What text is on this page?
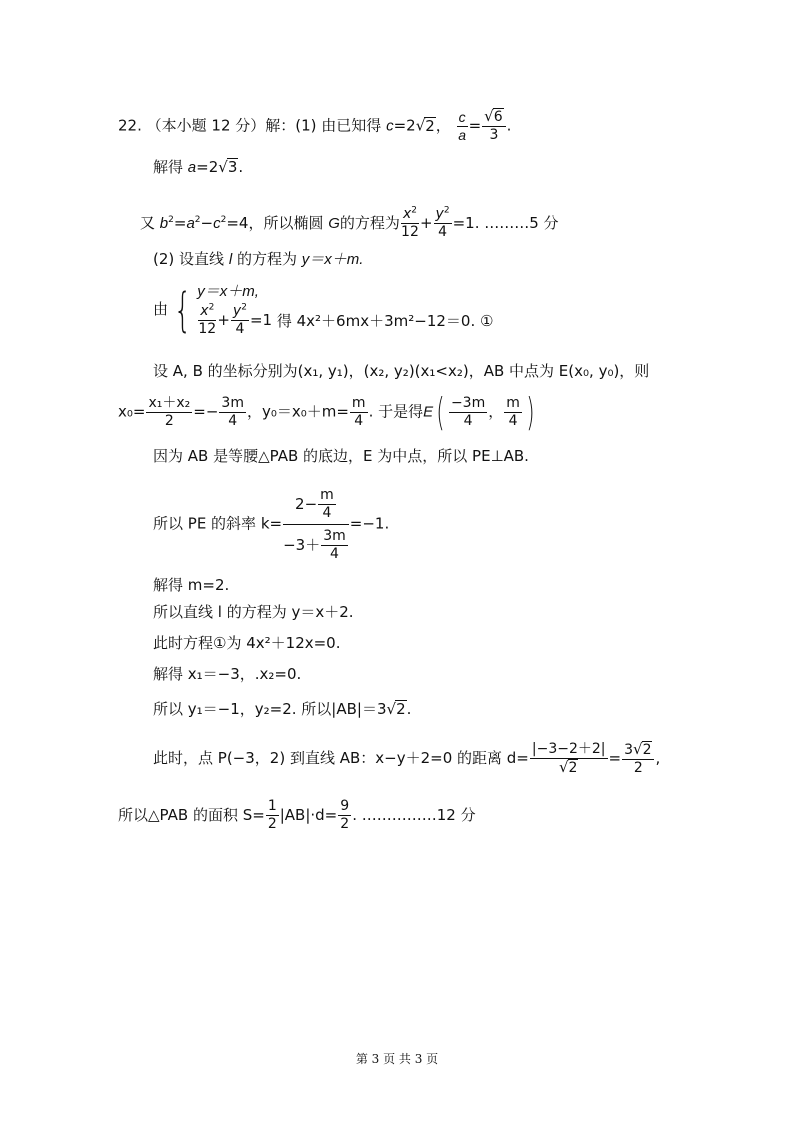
22. （本小题 12 分）解：(1) 由已知得 c=2√2， $\frac{c}{a} = \frac{√6}{3}$ .
解得 a=2√3.
又 $b^2=a^2-c^2=4$，所以椭圆 G的方程为 $\frac{x^2}{12} + \frac{y^2}{4} =1$. ………5 分
(2) 设直线 l 的方程为 y＝x＋m.
由 { y＝x＋m,
$\frac{x^2}{12} + \frac{y^2}{4} =1$ 得 4x²＋6mx＋3m²−12＝0. ①
设 A, B 的坐标分别为(x₁, y₁)，(x₂, y₂)(x₁<x₂)，AB 中点为 E(x₀, y₀)，则
$x_0= \frac{\text{x₁＋x₂}}{2} =- \frac{3m}{4}$ ，$y_0=x_0+m= \frac{m}{4}$ . 于是得$E( \frac{-3m}{4}$ ， $\frac{m}{4}$ )
因为 AB 是等腰△PAB 的底边，E 为中点，所以 PE⊥AB.
所以 PE 的斜率 $k= \frac{2- \frac{m}{4}}{-3+ \frac{3m}{4}} =-1$.
解得 m=2.
所以直线 l 的方程为 y＝x＋2.
此时方程①为 4x²＋12x=0.
解得 x₁＝−3，.x₂=0.
所以 y₁＝−1，y₂=2. 所以|AB|＝3√2.
此时，点 P(−3，2) 到直线 AB：x−y＋2=0 的距离 $d= \frac{|-3-2+2|}{√2} = \frac{3√2}{2}$ ,
所以△PAB 的面积 $S= \frac{1}{2} |AB|\cdot d= \frac{9}{2}$ . ……………12 分
第 3 页 共 3 页
